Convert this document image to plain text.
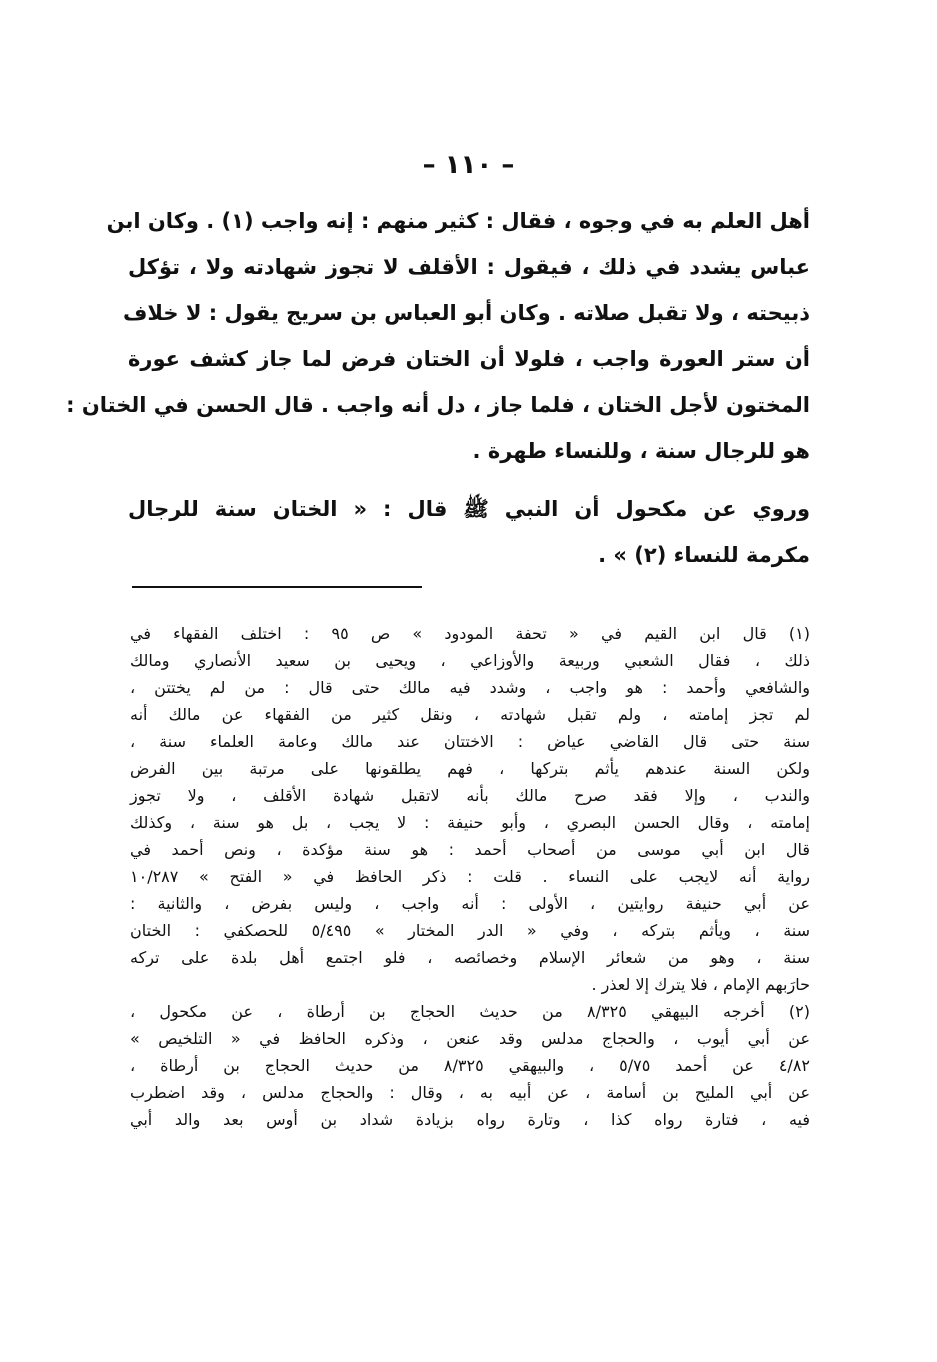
– ١١٠ –
أهل العلم به في وجوه ، فقال : كثير منهم : إنه واجب (١) . وكان ابن
عباس يشدد في ذلك ، فيقول : الأقلف لا تجوز شهادته ولا ، تؤكل
ذبيحته ، ولا تقبل صلاته . وكان أبو العباس بن سريج يقول : لا خلاف
أن ستر العورة واجب ، فلولا أن الختان فرض لما جاز كشف عورة
المختون لأجل الختان ، فلما جاز ، دل أنه واجب . قال الحسن في الختان :
هو للرجال سنة ، وللنساء طهرة .
وروي عن مكحول أن النبي ﷺ قال : « الختان سنة للرجال
مكرمة للنساء (٢) » .
(١) قال ابن القيم في « تحفة المودود » ص ٩٥ : اختلف الفقهاء في
ذلك ، فقال الشعبي وربيعة والأوزاعي ، ويحيى بن سعيد الأنصاري ومالك
والشافعي وأحمد : هو واجب ، وشدد فيه مالك حتى قال : من لم يختتن ،
لم تجز إمامته ، ولم تقبل شهادته ، ونقل كثير من الفقهاء عن مالك أنه
سنة حتى قال القاضي عياض : الاختتان عند مالك وعامة العلماء سنة ،
ولكن السنة عندهم يأثم بتركها ، فهم يطلقونها على مرتبة بين الفرض
والندب ، وإلا فقد صرح مالك بأنه لاتقبل شهادة الأقلف ، ولا تجوز
إمامته ، وقال الحسن البصري ، وأبو حنيفة : لا يجب ، بل هو سنة ، وكذلك
قال ابن أبي موسى من أصحاب أحمد : هو سنة مؤكدة ، ونص أحمد في
رواية أنه لايجب على النساء . قلت : ذكر الحافظ في « الفتح » ١٠/٢٨٧
عن أبي حنيفة روايتين ، الأولى : أنه واجب ، وليس بفرض ، والثانية :
سنة ، ويأثم بتركه ، وفي « الدر المختار » ٥/٤٩٥ للحصكفي : الختان
سنة ، وهو من شعائر الإسلام وخصائصه ، فلو اجتمع أهل بلدة على تركه
حارَبهم الإمام ، فلا يترك إلا لعذر .
(٢) أخرجه البيهقي ٨/٣٢٥ من حديث الحجاج بن أرطاة ، عن مكحول ،
عن أبي أيوب ، والحجاج مدلس وقد عنعن ، وذكره الحافظ في « التلخيص »
٤/٨٢ عن أحمد ٥/٧٥ ، والبيهقي ٨/٣٢٥ من حديث الحجاج بن أرطاة ،
عن أبي المليح بن أسامة ، عن أبيه به ، وقال : والحجاج مدلس ، وقد اضطرب
فيه ، فتارة رواه كذا ، وتارة رواه بزيادة شداد بن أوس بعد والد أبي
